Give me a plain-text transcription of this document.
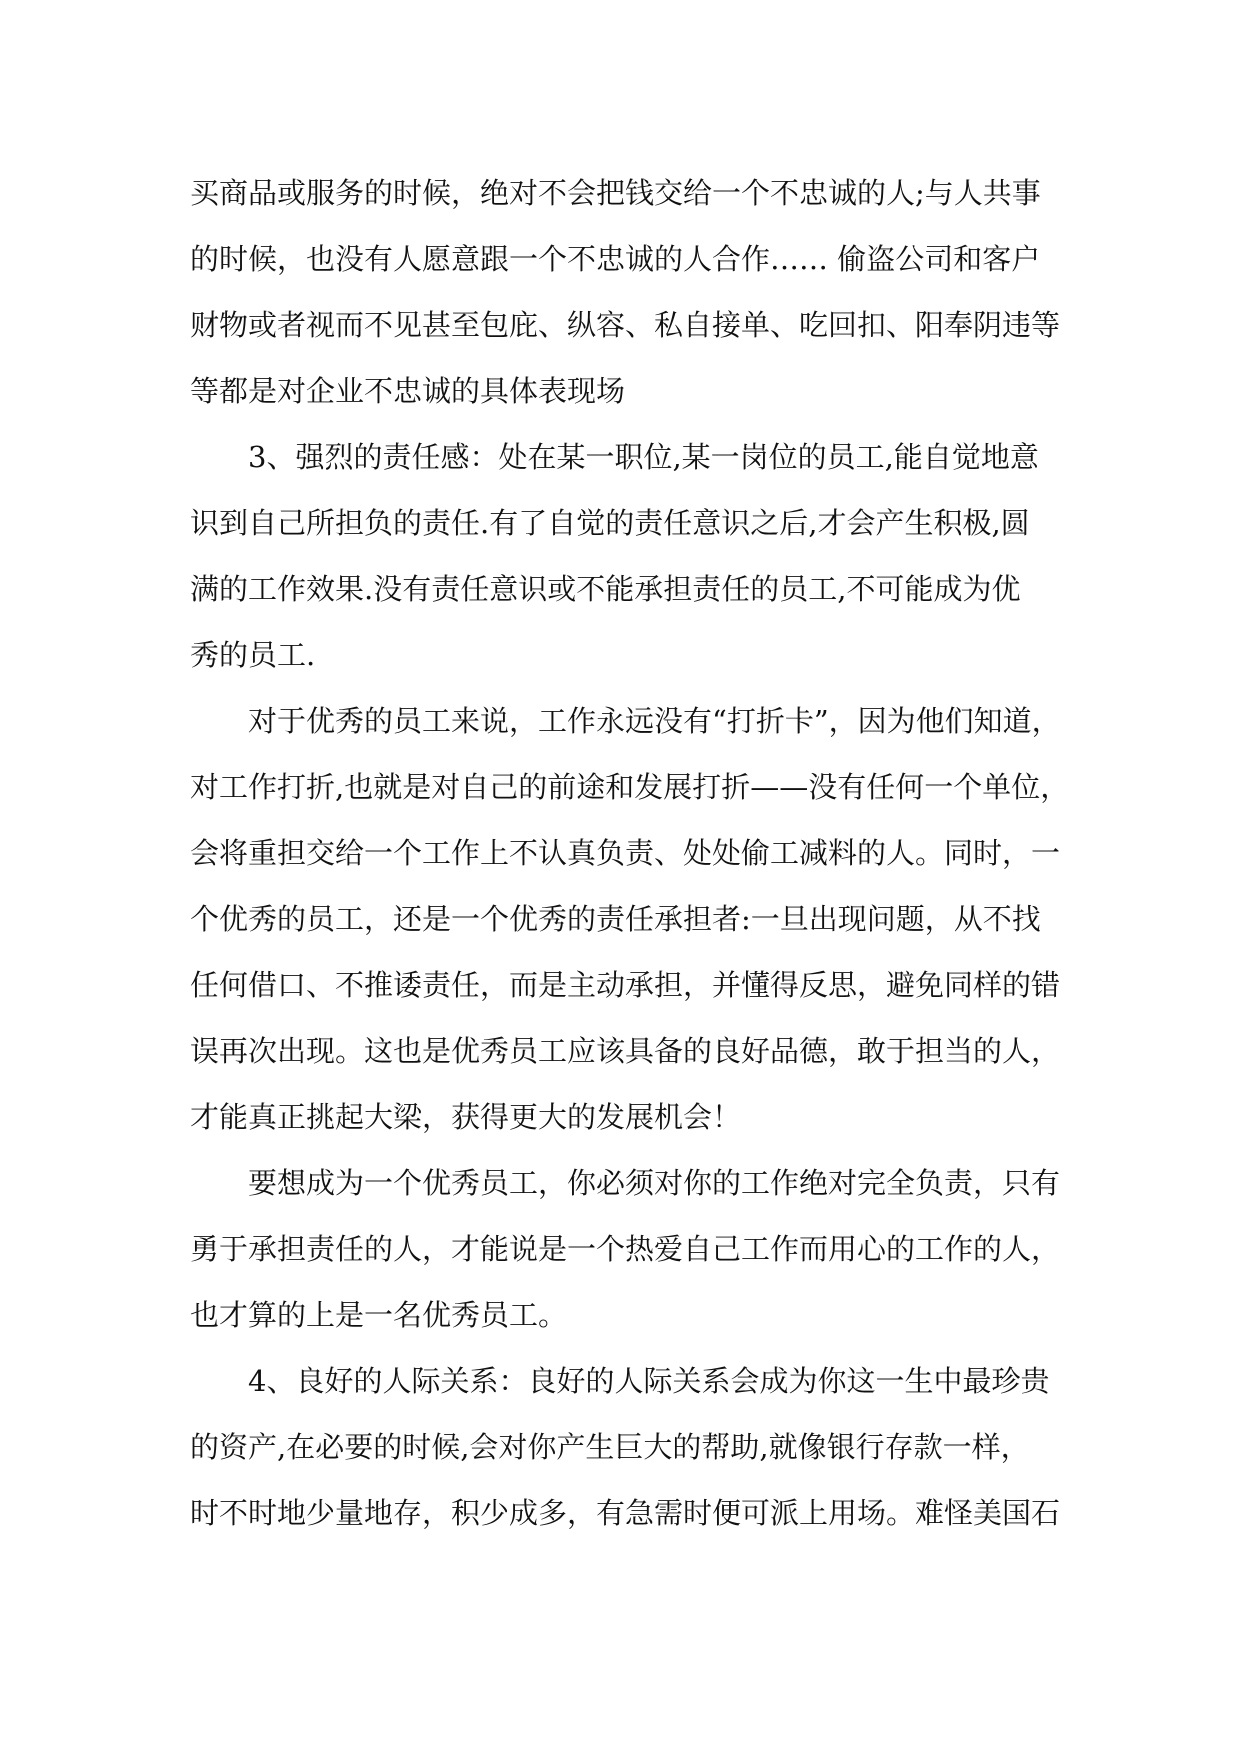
买商品或服务的时候，绝对不会把钱交给一个不忠诚的人;与人共事
的时候，也没有人愿意跟一个不忠诚的人合作…… 偷盗公司和客户
财物或者视而不见甚至包庇、纵容、私自接单、吃回扣、阳奉阴违等
等都是对企业不忠诚的具体表现场
　　3、强烈的责任感：处在某一职位,某一岗位的员工,能自觉地意
识到自己所担负的责任.有了自觉的责任意识之后,才会产生积极,圆
满的工作效果.没有责任意识或不能承担责任的员工,不可能成为优
秀的员工.
　　对于优秀的员工来说，工作永远没有“打折卡”，因为他们知道，
对工作打折,也就是对自己的前途和发展打折——没有任何一个单位，
会将重担交给一个工作上不认真负责、处处偷工减料的人。同时，一
个优秀的员工，还是一个优秀的责任承担者:一旦出现问题，从不找
任何借口、不推诿责任，而是主动承担，并懂得反思，避免同样的错
误再次出现。这也是优秀员工应该具备的良好品德，敢于担当的人，
才能真正挑起大梁，获得更大的发展机会！
　　要想成为一个优秀员工，你必须对你的工作绝对完全负责，只有
勇于承担责任的人，才能说是一个热爱自己工作而用心的工作的人，
也才算的上是一名优秀员工。
　　4、良好的人际关系：良好的人际关系会成为你这一生中最珍贵
的资产,在必要的时候,会对你产生巨大的帮助,就像银行存款一样，
时不时地少量地存，积少成多，有急需时便可派上用场。难怪美国石
